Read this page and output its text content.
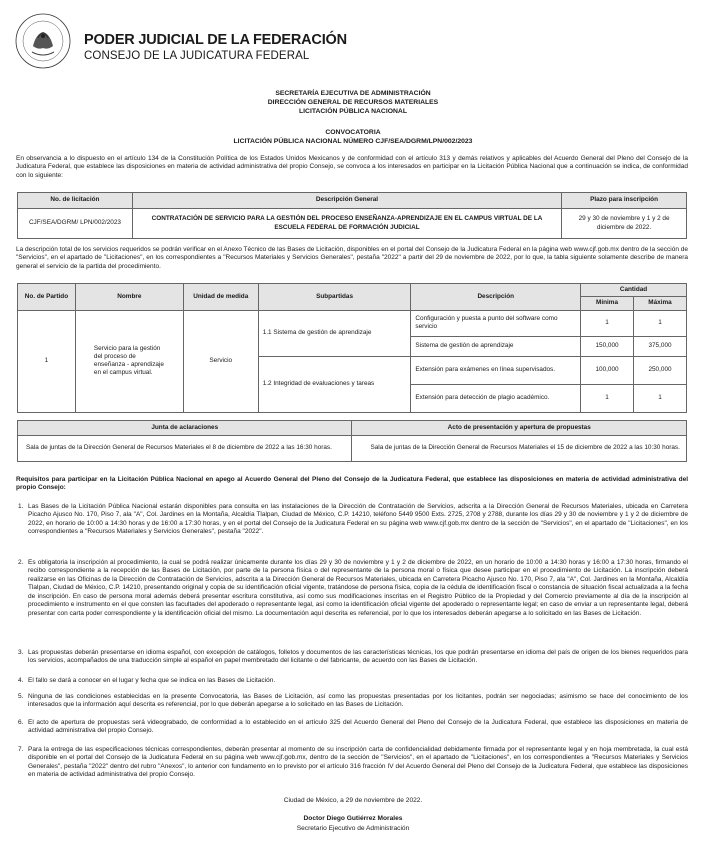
PODER JUDICIAL DE LA FEDERACIÓN
CONSEJO DE LA JUDICATURA FEDERAL
SECRETARÍA EJECUTIVA DE ADMINISTRACIÓN
DIRECCIÓN GENERAL DE RECURSOS MATERIALES
LICITACIÓN PÚBLICA NACIONAL
CONVOCATORIA
LICITACIÓN PÚBLICA NACIONAL NÚMERO CJF/SEA/DGRM/LPN/002/2023

En observancia a lo dispuesto en el artículo 134 de la Constitución Política de los Estados Unidos Mexicanos y de conformidad con el artículo 313 y demás relativos y aplicables del Acuerdo General del Pleno del Consejo de la Judicatura Federal, que establece las disposiciones en materia de actividad administrativa del propio Consejo, se convoca a los interesados en participar en la Licitación Pública Nacional que a continuación se indica, de conformidad con lo siguiente:

No. de licitación	Descripción General	Plazo para inscripción
CJF/SEA/DGRM/ LPN/002/2023	CONTRATACIÓN DE SERVICIO PARA LA GESTIÓN DEL PROCESO ENSEÑANZA-APRENDIZAJE EN EL CAMPUS VIRTUAL DE LA ESCUELA FEDERAL DE FORMACIÓN JUDICIAL	29 y 30 de noviembre y 1 y 2 de diciembre de 2022.

La descripción total de los servicios requeridos se podrán verificar en el Anexo Técnico de las Bases de Licitación, disponibles en el portal del Consejo de la Judicatura Federal en la página web www.cjf.gob.mx dentro de la sección de "Servicios", en el apartado de "Licitaciones", en los correspondientes a "Recursos Materiales y Servicios Generales", pestaña "2022" a partir del 29 de noviembre de 2022, por lo que, la tabla siguiente solamente describe de manera general el servicio de la partida del procedimiento.

No. de Partido	Nombre	Unidad de medida	Subpartidas	Descripción	Cantidad	
					Mínima	Máxima
1	Servicio para la gestión del proceso de enseñanza - aprendizaje en el campus virtual.	Servicio	1.1 Sistema de gestión de aprendizaje	Configuración y puesta a punto del software como servicio	1	1
				Sistema de gestión de aprendizaje	150,000	375,000
			1.2 Integridad de evaluaciones y tareas	Extensión para exámenes en línea supervisados.	100,000	250,000
				Extensión para detección de plagio académico.	1	1
Junta de aclaraciones	Acto de presentación y apertura de propuestas
Sala de juntas de la Dirección General de Recursos Materiales el 8 de diciembre de 2022 a las 16:30 horas.	Sala de juntas de la Dirección General de Recursos Materiales el 15 de diciembre de 2022 a las 10:30 horas.

Requisitos para participar en la Licitación Pública Nacional en apego al Acuerdo General del Pleno del Consejo de la Judicatura Federal, que establece las disposiciones en materia de actividad administrativa del propio Consejo:

1. Las Bases de la Licitación Pública Nacional estarán disponibles para consulta en las instalaciones de la Dirección de Contratación de Servicios, adscrita a la Dirección General de Recursos Materiales, ubicada en Carretera Picacho Ajusco No. 170, Piso 7, ala "A", Col. Jardines en la Montaña, Alcaldía Tlalpan, Ciudad de México, C.P. 14210, teléfono 5449 9500 Exts. 2725, 2708 y 2788, durante los días 29 y 30 de noviembre y 1 y 2 de diciembre de 2022, en horario de 10:00 a 14:30 horas y de 16:00 a 17:30 horas, y en el portal del Consejo de la Judicatura Federal en su página web www.cjf.gob.mx dentro de la sección de "Servicios", en el apartado de "Licitaciones", en los correspondientes a "Recursos Materiales y Servicios Generales", pestaña "2022".
2. Es obligatoria la inscripción al procedimiento, la cual se podrá realizar únicamente durante los días 29 y 30 de noviembre y 1 y 2 de diciembre de 2022, en un horario de 10:00 a 14:30 horas y 16:00 a 17:30 horas, firmando el recibo correspondiente a la recepción de las Bases de Licitación, por parte de la persona física o del representante de la persona moral o física que desee participar en el procedimiento de Licitación. La inscripción deberá realizarse en las Oficinas de la Dirección de Contratación de Servicios, adscrita a la Dirección General de Recursos Materiales, ubicada en Carretera Picacho Ajusco No. 170, Piso 7, ala "A", Col. Jardines en la Montaña, Alcaldía Tlalpan, Ciudad de México, C.P. 14210, presentando original y copia de su identificación oficial vigente, tratándose de persona física, copia de la cédula de identificación fiscal o constancia de situación fiscal actualizada a la fecha de inscripción. En caso de persona moral además deberá presentar escritura constitutiva, así como sus modificaciones inscritas en el Registro Público de la Propiedad y del Comercio previamente al día de la inscripción al procedimiento e instrumento en el que consten las facultades del apoderado o representante legal, así como la identificación oficial vigente del apoderado o representante legal; en caso de enviar a un representante legal, deberá presentar con carta poder correspondiente y la identificación oficial del mismo. La documentación aquí descrita es referencial, por lo que los interesados deberán apegarse a lo solicitado en las Bases de Licitación.
3. Las propuestas deberán presentarse en idioma español, con excepción de catálogos, folletos y documentos de las características técnicas, los que podrán presentarse en idioma del país de origen de los bienes requeridos para los servicios, acompañados de una traducción simple al español en papel membretado del licitante o del fabricante, de acuerdo con las Bases de Licitación.
4. El fallo se dará a conocer en el lugar y fecha que se indica en las Bases de Licitación.
5. Ninguna de las condiciones establecidas en la presente Convocatoria, las Bases de Licitación, así como las propuestas presentadas por los licitantes, podrán ser negociadas; asimismo se hace del conocimiento de los interesados que la información aquí descrita es referencial, por lo que deberán apegarse a lo solicitado en las Bases de Licitación.
6. El acto de apertura de propuestas será videograbado, de conformidad a lo establecido en el artículo 325 del Acuerdo General del Pleno del Consejo de la Judicatura Federal, que establece las disposiciones en materia de actividad administrativa del propio Consejo.
7. Para la entrega de las especificaciones técnicas correspondientes, deberán presentar al momento de su inscripción carta de confidencialidad debidamente firmada por el representante legal y en hoja membretada, la cual está disponible en el portal del Consejo de la Judicatura Federal en su página web www.cjf.gob.mx, dentro de la sección de "Servicios", en el apartado de "Licitaciones", en los correspondientes a "Recursos Materiales y Servicios Generales", pestaña "2022" dentro del rubro "Anexos", lo anterior con fundamento en lo previsto por el artículo 316 fracción IV del Acuerdo General del Pleno del Consejo de la Judicatura Federal, que establece las disposiciones en materia de actividad administrativa del propio Consejo.
Ciudad de México, a 29 de noviembre de 2022.
Doctor Diego Gutiérrez Morales
Secretario Ejecutivo de Administración
